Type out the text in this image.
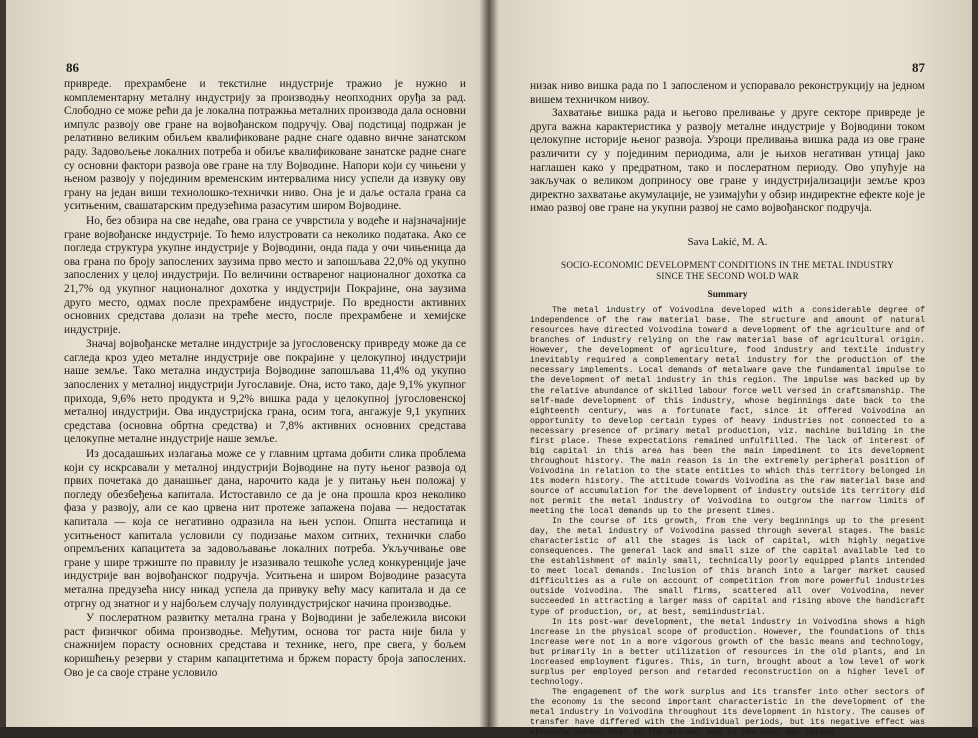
86

привреде. прехрамбене и текстилне индустрије тражио је нужно и комплементарну металну индустрију за производњу неопходних оруђа за рад. Слободно се може рећи да је локална потражња металних производа дала основни импулс развоју ове гране на војвођанском подручју. Овај подстицај подржан је релативно великим обиљем квалификоване радне снаге одавно вичне занатском раду. Задовољење локалних потреба и обиље квалификоване занатске радне снаге су основни фактори развоја ове гране на тлу Војводине. Напори који су чињени у њеном развоју у појединим временским интервалима нису успели да извуку ову грану на један виши технолошко-технички ниво. Она је и даље остала грана са уситњеним, свашатарским предузећима разасутим широм Војводине.

Но, без обзира на све недаће, ова грана се учврстила у водеће и најзначајније гране војвођанске индустрије. То ћемо илустровати са неколико података. Ако се погледа структура укупне индустрије у Војводини, онда пада у очи чињеница да ова грана по броју запослених заузима прво место и запошљава 22,0% од укупно запослених у целој индустрији. По величини оствареног националног дохотка са 21,7% од укупног националног дохотка у индустрији Покрајине, она заузима друго место, одмах после прехрамбене индустрије. По вредности активних основних средстава долази на треће место, после прехрамбене и хемијске индустрије.

Значај војвођанске металне индустрије за југословенску привреду може да се сагледа кроз удео металне индустрије ове покрајине у целокупној индустрији наше земље. Тако метална индустрија Војводине запошљава 11,4% од укупно запослених у металној индустрији Југославије. Она, исто тако, даје 9,1% укупног прихода, 9,6% нето продукта и 9,2% вишка рада у целокупној југословенској металној индустрији. Ова индустријска грана, осим тога, ангажује 9,1 укупних средстава (основна обртна средства) и 7,8% активних основних средстава целокупне металне индустрије наше земље.

Из досадашњих излагања може се у главним цртама добити слика проблема који су искрсавали у металној индустрији Војводине на путу њеног развоја од првих почетака до данашњег дана, нарочито када је у питању њен положај у погледу обезбеђења капитала. Истоставило се да је она прошла кроз неколико фаза у развоју, али се као црвена нит протеже запажена појава — недостатак капитала — која се негативно одразила на њен успон. Општа нестапица и уситњеност капитала условили су подизање махом ситних, технички слабо опремљених капацитета за задовољавање локалних потреба. Укључивање ове гране у шире тржиште по правилу је изазивало тешкоће услед конкуренције јаче индустрије ван војвођанског подручја. Уситњена и широм Војводине разасута метална предузећа нису никад успела да привуку већу масу капитала и да се отргну од знатног и у најбољем случају полуиндустријског начина производње.

У послератном развитку метална грана у Војводини је забележила високи раст физичког обима производње. Међутим, основа тог раста није била у снажнијем порасту основних средстава и технике, него, пре свега, у бољем коришћењу резерви у старим капацитетима и бржем порасту броја запослених. Ово је са своје стране условило

87

низак ниво вишка рада по 1 запосленом и успоравало реконструкцију на једном вишем техничком нивоу.

Захватање вишка рада и његово преливање у друге секторе привреде је друга важна карактеристика у развоју металне индустрије у Војводини током целокупне историје њеног развоја. Узроци преливања вишка рада из ове гране различити су у појединим периодима, али је њихов негативан утицај јако наглашен како у предратном, тако и послератном периоду. Ово упућује на закључак о великом доприносу ове гране у индустријализацији земље кроз директно захватање акумулације, не узимајући у обзир индиректне ефекте које је имао развој ове гране на укупни развој не само војвођанског подручја.

Sava Lakić, M. A.
SOCIO-ECONOMIC DEVELOPMENT CONDITIONS IN THE METAL INDUSTRY
SINCE THE SECOND WOLD WAR
Summary

The metal industry of Voivodina developed with a considerable degree of independence of the raw material base. The structure and amount of natural resources have directed Voivodina toward a development of the agriculture and of branches of industry relying on the raw material base of agricultural origin. However, the development of agriculture, food industry and textile industry inevitably required a complementary metal industry for the production of the necessary implements. Local demands of metalware gave the fundamental impulse to the development of metal industry in this region. The impulse was backed up by the relative abundance of skilled labour force well versed in craftsmanship. The self-made development of this industry, whose beginnings date back to the eighteenth century, was a fortunate fact, since it offered Voivodina an opportunity to develop certain types of heavy industries not connected to a necessary presence of primary metal production, viz. machine building in the first place. These expectations remained unfulfilled. The lack of interest of big capital in this area has been the main impediment to its development throughout history. The main reason is in the extremely peripheral position of Voivodina in relation to the state entities to which this territory belonged in its modern history. The attitude towards Voivodina as the raw material base and source of accumulation for the development of industry outside its territory did not permit the metal industry of Voivodina to outgrow the narrow limits of meeting the local demands up to the present times.

In the course of its growth, from the very beginnings up to the present day, the metal industry of Voivodina passed through several stages. The basic characteristic of all the stages is lack of capital, with highly negative consequences. The general lack and small size of the capital available led to the establishment of mainly small, technically poorly equipped plants intended to meet local demands. Inclusion of this branch into a larger market caused difficulties as a rule on account of competition from more powerful industries outside Voivodina. The small firms, scattered all over Voivodina, never succeeded in attracting a larger mass of capital and rising above the handicraft type of production, or, at best, semiindustrial.

In its post-war development, the metal industry in Voivodina shows a high increase in the physical scope of production. However, the foundations of this increase were not in a more vigorous growth of the basic means and technology, but primarily in a better utilization of resources in the old plants, and in increased employment figures. This, in turn, brought about a low level of work surplus per employed person and retarded reconstruction on a higher level of technology.

The engagement of the work surplus and its transfer into other sectors of the economy is the second important characteristic in the development of the metal industry in Voivodina throughout its development in history. The causes of transfer have differed with the individual periods, but its negative effect was strongly marked both in the pre-war and in the post-war period.
